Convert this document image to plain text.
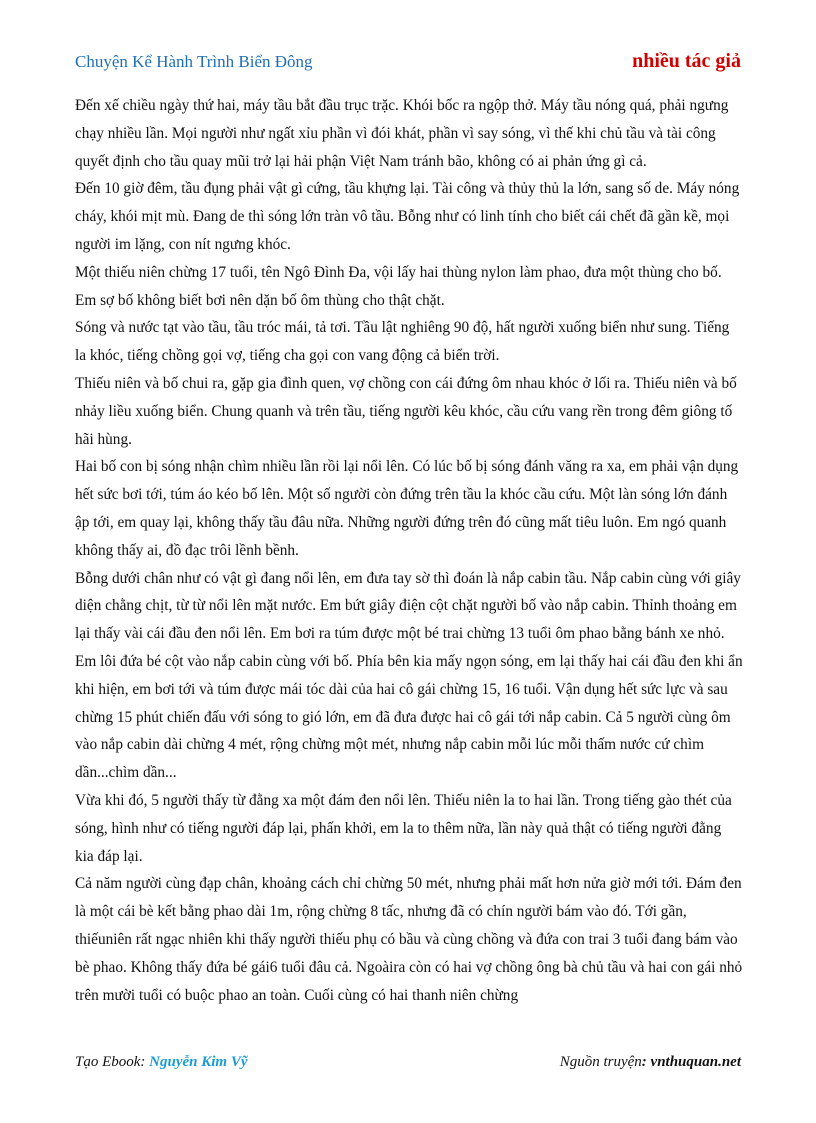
Chuyện Kể Hành Trình Biển Đông	nhiều tác giả

Đến xế chiều ngày thứ hai, máy tầu bắt đầu trục trặc. Khói bốc ra ngộp thở. Máy tầu nóng quá, phải ngưng chạy nhiều lần. Mọi người như ngất xỉu phần vì đói khát, phần vì say sóng, vì thế khi chủ tầu và tài công quyết định cho tầu quay mũi trở lại hải phận Việt Nam tránh bão, không có ai phản ứng gì cả.

Đến 10 giờ đêm, tầu đụng phải vật gì cứng, tầu khựng lại. Tài công và thủy thủ la lớn, sang số de. Máy nóng cháy, khói mịt mù. Đang de thì sóng lớn tràn vô tầu. Bỗng như có linh tính cho biết cái chết đã gần kề, mọi người im lặng, con nít ngưng khóc.

Một thiếu niên chừng 17 tuổi, tên Ngô Đình Đa, vội lấy hai thùng nylon làm phao, đưa một thùng cho bố. Em sợ bố không biết bơi nên dặn bố ôm thùng cho thật chặt.

Sóng và nước tạt vào tầu, tầu tróc mái, tả tơi. Tầu lật nghiêng 90 độ, hất người xuống biển như sung. Tiếng la khóc, tiếng chồng gọi vợ, tiếng cha gọi con vang động cả biển trời.

Thiếu niên và bố chui ra, gặp gia đình quen, vợ chồng con cái đứng ôm nhau khóc ở lối ra. Thiếu niên và bố nhảy liều xuống biển. Chung quanh và trên tầu, tiếng người kêu khóc, cầu cứu vang rền trong đêm giông tố hãi hùng.

Hai bố con bị sóng nhận chìm nhiều lần rồi lại nổi lên. Có lúc bố bị sóng đánh văng ra xa, em phải vận dụng hết sức bơi tới, túm áo kéo bố lên. Một số người còn đứng trên tầu la khóc cầu cứu. Một làn sóng lớn đánh ập tới, em quay lại, không thấy tầu đâu nữa. Những người đứng trên đó cũng mất tiêu luôn. Em ngó quanh không thấy ai, đồ đạc trôi lềnh bềnh.

Bỗng dưới chân như có vật gì đang nổi lên, em đưa tay sờ thì đoán là nắp cabin tầu. Nắp cabin cùng với giây diện chằng chịt, từ từ nổi lên mặt nước. Em bứt giây điện cột chặt người bố vào nắp cabin. Thỉnh thoảng em lại thấy vài cái đầu đen nổi lên. Em bơi ra túm được một bé trai chừng 13 tuổi ôm phao bằng bánh xe nhỏ. Em lôi đứa bé cột vào nắp cabin cùng với bố. Phía bên kia mấy ngọn sóng, em lại thấy hai cái đầu đen khi ẩn khi hiện, em bơi tới và túm được mái tóc dài của hai cô gái chừng 15, 16 tuổi. Vận dụng hết sức lực và sau chừng 15 phút chiến đấu với sóng to gió lớn, em đã đưa được hai cô gái tới nắp cabin. Cả 5 người cùng ôm vào nắp cabin dài chừng 4 mét, rộng chừng một mét, nhưng nắp cabin mỗi lúc mỗi thấm nước cứ chìm dần...chìm dần...

Vừa khi đó, 5 người thấy từ đằng xa một đám đen nổi lên. Thiếu niên la to hai lần. Trong tiếng gào thét của sóng, hình như có tiếng người đáp lại, phấn khởi, em la to thêm nữa, lần này quả thật có tiếng người đằng kia đáp lại.

Cả năm người cùng đạp chân, khoảng cách chỉ chừng 50 mét, nhưng phải mất hơn nửa giờ mới tới. Đám đen là một cái bè kết bằng phao dài 1m, rộng chừng 8 tấc, nhưng đã có chín người bám vào đó. Tới gần, thiếuniên rất ngạc nhiên khi thấy người thiếu phụ có bầu và cùng chồng và đứa con trai 3 tuổi đang bám vào bè phao. Không thấy đứa bé gái6 tuổi đâu cả. Ngoàira còn có hai vợ chồng ông bà chủ tầu và hai con gái nhỏ trên mười tuổi có buộc phao an toàn. Cuối cùng có hai thanh niên chừng

Tạo Ebook: Nguyễn Kim Vỹ	Nguồn truyện: vnthuquan.net
